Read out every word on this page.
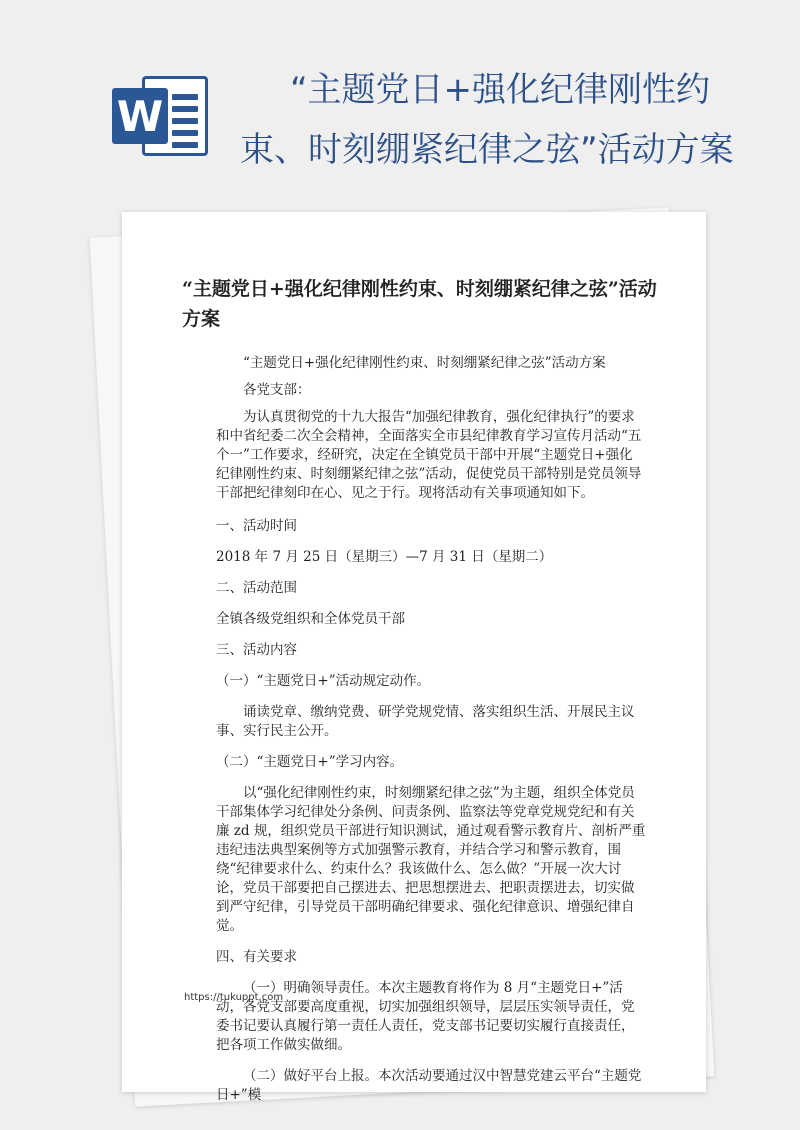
W
“主题党日+强化纪律刚性约
束、时刻绷紧纪律之弦”活动方案
“主题党日+强化纪律刚性约束、时刻绷紧纪律之弦”活动方案

“主题党日+强化纪律刚性约束、时刻绷紧纪律之弦”活动方案

各党支部：

为认真贯彻党的十九大报告“加强纪律教育，强化纪律执行”的要求和中省纪委二次全会精神，全面落实全市县纪律教育学习宣传月活动“五个一”工作要求，经研究，决定在全镇党员干部中开展“主题党日+强化纪律刚性约束、时刻绷紧纪律之弦”活动，促使党员干部特别是党员领导干部把纪律刻印在心、见之于行。现将活动有关事项通知如下。

一、活动时间

2018 年 7 月 25 日（星期三）—7 月 31 日（星期二）

二、活动范围

全镇各级党组织和全体党员干部

三、活动内容

（一）“主题党日+”活动规定动作。

诵读党章、缴纳党费、研学党规党情、落实组织生活、开展民主议事、实行民主公开。

（二）“主题党日+”学习内容。

以“强化纪律刚性约束，时刻绷紧纪律之弦”为主题，组织全体党员干部集体学习纪律处分条例、问责条例、监察法等党章党规党纪和有关廉 zd 规，组织党员干部进行知识测试，通过观看警示教育片、剖析严重违纪违法典型案例等方式加强警示教育，并结合学习和警示教育，围绕“纪律要求什么、约束什么？我该做什么、怎么做？”开展一次大讨论，党员干部要把自己摆进去、把思想摆进去、把职责摆进去，切实做到严守纪律，引导党员干部明确纪律要求、强化纪律意识、增强纪律自觉。

四、有关要求

（一）明确领导责任。本次主题教育将作为 8 月“主题党日+”活动，各党支部要高度重视，切实加强组织领导，层层压实领导责任，党委书记要认真履行第一责任人责任，党支部书记要切实履行直接责任，把各项工作做实做细。

（二）做好平台上报。本次活动要通过汉中智慧党建云平台“主题党日+”模

https://tukuppt.com
